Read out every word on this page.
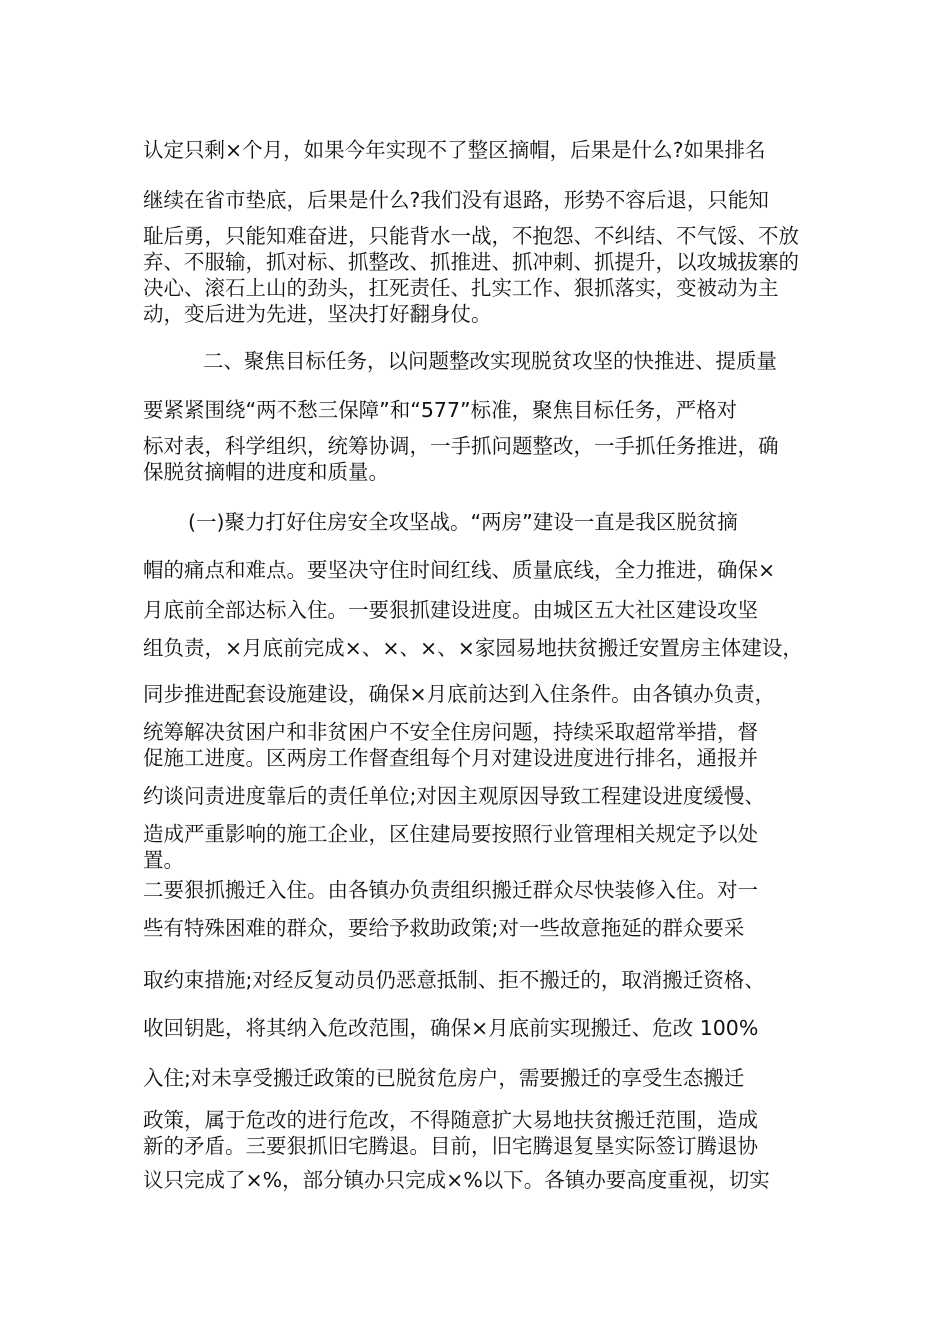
认定只剩×个月，如果今年实现不了整区摘帽，后果是什么?如果排名

继续在省市垫底，后果是什么?我们没有退路，形势不容后退，只能知

耻后勇，只能知难奋进，只能背水一战，不抱怨、不纠结、不气馁、不放

弃、不服输，抓对标、抓整改、抓推进、抓冲刺、抓提升，以攻城拔寨的

决心、滚石上山的劲头，扛死责任、扎实工作、狠抓落实，变被动为主

动，变后进为先进，坚决打好翻身仗。

二、聚焦目标任务，以问题整改实现脱贫攻坚的快推进、提质量

要紧紧围绕“两不愁三保障”和“577”标准，聚焦目标任务，严格对

标对表，科学组织，统筹协调，一手抓问题整改，一手抓任务推进，确

保脱贫摘帽的进度和质量。

(一)聚力打好住房安全攻坚战。“两房”建设一直是我区脱贫摘

帽的痛点和难点。要坚决守住时间红线、质量底线，全力推进，确保×

月底前全部达标入住。一要狠抓建设进度。由城区五大社区建设攻坚

组负责，×月底前完成×、×、×、×家园易地扶贫搬迁安置房主体建设，

同步推进配套设施建设，确保×月底前达到入住条件。由各镇办负责，

统筹解决贫困户和非贫困户不安全住房问题，持续采取超常举措，督

促施工进度。区两房工作督查组每个月对建设进度进行排名，通报并

约谈问责进度靠后的责任单位;对因主观原因导致工程建设进度缓慢、

造成严重影响的施工企业，区住建局要按照行业管理相关规定予以处

置。

二要狠抓搬迁入住。由各镇办负责组织搬迁群众尽快装修入住。对一

些有特殊困难的群众，要给予救助政策;对一些故意拖延的群众要采

取约束措施;对经反复动员仍恶意抵制、拒不搬迁的，取消搬迁资格、

收回钥匙，将其纳入危改范围，确保×月底前实现搬迁、危改 100%

入住;对未享受搬迁政策的已脱贫危房户，需要搬迁的享受生态搬迁

政策，属于危改的进行危改，不得随意扩大易地扶贫搬迁范围，造成

新的矛盾。三要狠抓旧宅腾退。目前，旧宅腾退复垦实际签订腾退协

议只完成了×%，部分镇办只完成×%以下。各镇办要高度重视，切实
